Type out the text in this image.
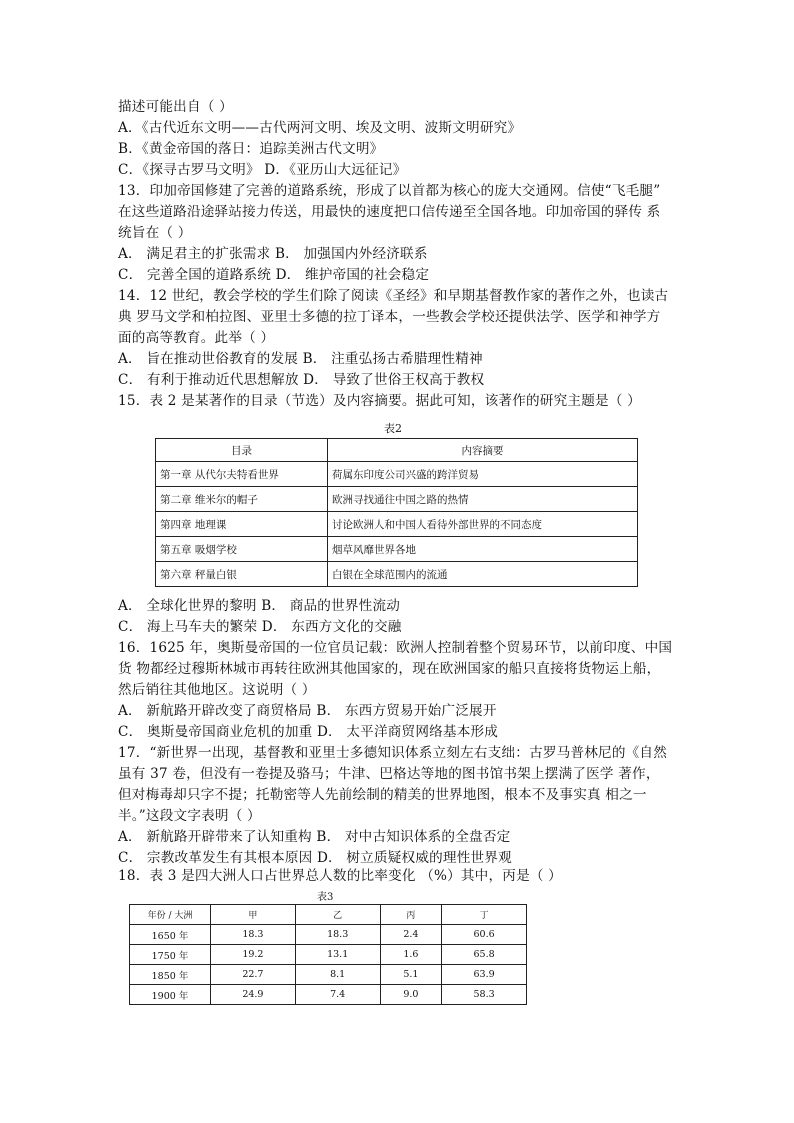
描述可能出自（ ）
A．《古代近东文明——古代两河文明、埃及文明、波斯文明研究》
B．《黄金帝国的落日：追踪美洲古代文明》
C．《探寻古罗马文明》 D．《亚历山大远征记》
13．印加帝国修建了完善的道路系统，形成了以首都为核心的庞大交通网。信使“飞毛腿”
在这些道路沿途驿站接力传送，用最快的速度把口信传递至全国各地。印加帝国的驿传 系
统旨在（ ）
A． 满足君主的扩张需求 B． 加强国内外经济联系
C． 完善全国的道路系统 D． 维护帝国的社会稳定
14．12 世纪，教会学校的学生们除了阅读《圣经》和早期基督教作家的著作之外，也读古
典 罗马文学和柏拉图、亚里士多德的拉丁译本，一些教会学校还提供法学、医学和神学方
面的高等教育。此举（ ）
A． 旨在推动世俗教育的发展 B． 注重弘扬古希腊理性精神
C． 有利于推动近代思想解放 D． 导致了世俗王权高于教权
15．表 2 是某著作的目录（节选）及内容摘要。据此可知，该著作的研究主题是（ ）
表2
目录	内容摘要
第一章 从代尔夫特看世界	荷属东印度公司兴盛的跨洋贸易
第二章 维米尔的帽子	欧洲寻找通往中国之路的热情
第四章 地理课	讨论欧洲人和中国人看待外部世界的不同态度
第五章 吸烟学校	烟草风靡世界各地
第六章 秤量白银	白银在全球范围内的流通
A． 全球化世界的黎明 B． 商品的世界性流动
C． 海上马车夫的繁荣 D． 东西方文化的交融
16．1625 年，奥斯曼帝国的一位官员记载：欧洲人控制着整个贸易环节，以前印度、中国
货 物都经过穆斯林城市再转往欧洲其他国家的，现在欧洲国家的船只直接将货物运上船，
然后销往其他地区。这说明（ ）
A． 新航路开辟改变了商贸格局 B． 东西方贸易开始广泛展开
C． 奥斯曼帝国商业危机的加重 D． 太平洋商贸网络基本形成
17．“新世界一出现，基督教和亚里士多德知识体系立刻左右支绌：古罗马普林尼的《自然
虽有 37 卷，但没有一卷提及骆马；牛津、巴格达等地的图书馆书架上摆满了医学 著作，
但对梅毒却只字不提；托勒密等人先前绘制的精美的世界地图，根本不及事实真 相之一
半。”这段文字表明（ ）
A． 新航路开辟带来了认知重构 B． 对中古知识体系的全盘否定
C． 宗教改革发生有其根本原因 D． 树立质疑权威的理性世界观
18．表 3 是四大洲人口占世界总人数的比率变化 （%）其中，丙是（ ）
表3
年份 / 大洲	甲	乙	丙	丁
1650 年	18.3	18.3	2.4	60.6
1750 年	19.2	13.1	1.6	65.8
1850 年	22.7	8.1	5.1	63.9
1900 年	24.9	7.4	9.0	58.3
